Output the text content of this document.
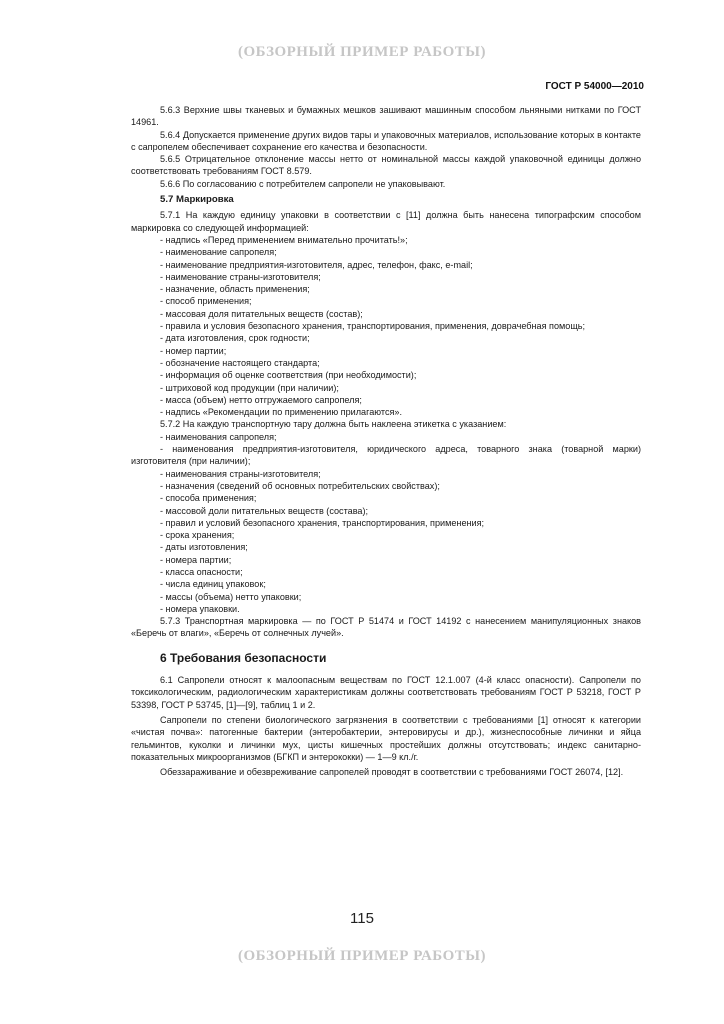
(ОБЗОРНЫЙ ПРИМЕР РАБОТЫ)
ГОСТ Р 54000—2010

5.6.3 Верхние швы тканевых и бумажных мешков зашивают машинным способом льняными нитками по ГОСТ 14961.

5.6.4 Допускается применение других видов тары и упаковочных материалов, использование которых в контакте с сапропелем обеспечивает сохранение его качества и безопасности.

5.6.5 Отрицательное отклонение массы нетто от номинальной массы каждой упаковочной единицы должно соответствовать требованиям ГОСТ 8.579.

5.6.6 По согласованию с потребителем сапропели не упаковывают.

5.7 Маркировка

5.7.1 На каждую единицу упаковки в соответствии с [11] должна быть нанесена типографским способом маркировка со следующей информацией:

- надпись «Перед применением внимательно прочитать!»;

- наименование сапропеля;

- наименование предприятия-изготовителя, адрес, телефон, факс, e-mail;

- наименование страны-изготовителя;

- назначение, область применения;

- способ применения;

- массовая доля питательных веществ (состав);

- правила и условия безопасного хранения, транспортирования, применения, доврачебная помощь;

- дата изготовления, срок годности;

- номер партии;

- обозначение настоящего стандарта;

- информация об оценке соответствия (при необходимости);

- штриховой код продукции (при наличии);

- масса (объем) нетто отгружаемого сапропеля;

- надпись «Рекомендации по применению прилагаются».

5.7.2 На каждую транспортную тару должна быть наклеена этикетка с указанием:

- наименования сапропеля;

- наименования предприятия-изготовителя, юридического адреса, товарного знака (товарной марки) изготовителя (при наличии);

- наименования страны-изготовителя;

- назначения (сведений об основных потребительских свойствах);

- способа применения;

- массовой доли питательных веществ (состава);

- правил и условий безопасного хранения, транспортирования, применения;

- срока хранения;

- даты изготовления;

- номера партии;

- класса опасности;

- числа единиц упаковок;

- массы (объема) нетто упаковки;

- номера упаковки.

5.7.3 Транспортная маркировка — по ГОСТ Р 51474 и ГОСТ 14192 с нанесением манипуляционных знаков «Беречь от влаги», «Беречь от солнечных лучей».

6 Требования безопасности

6.1 Сапропели относят к малоопасным веществам по ГОСТ 12.1.007 (4-й класс опасности). Сапропели по токсикологическим, радиологическим характеристикам должны соответствовать требованиям ГОСТ Р 53218, ГОСТ Р 53398, ГОСТ Р 53745, [1]—[9], таблиц 1 и 2.

Сапропели по степени биологического загрязнения в соответствии с требованиями [1] относят к категории «чистая почва»: патогенные бактерии (энтеробактерии, энтеровирусы и др.), жизнеспособные личинки и яйца гельминтов, куколки и личинки мух, цисты кишечных простейших должны отсутствовать; индекс санитарно-показательных микроорганизмов (БГКП и энтерококки) — 1—9 кл./г.

Обеззараживание и обезвреживание сапропелей проводят в соответствии с требованиями ГОСТ 26074, [12].

115
(ОБЗОРНЫЙ ПРИМЕР РАБОТЫ)
